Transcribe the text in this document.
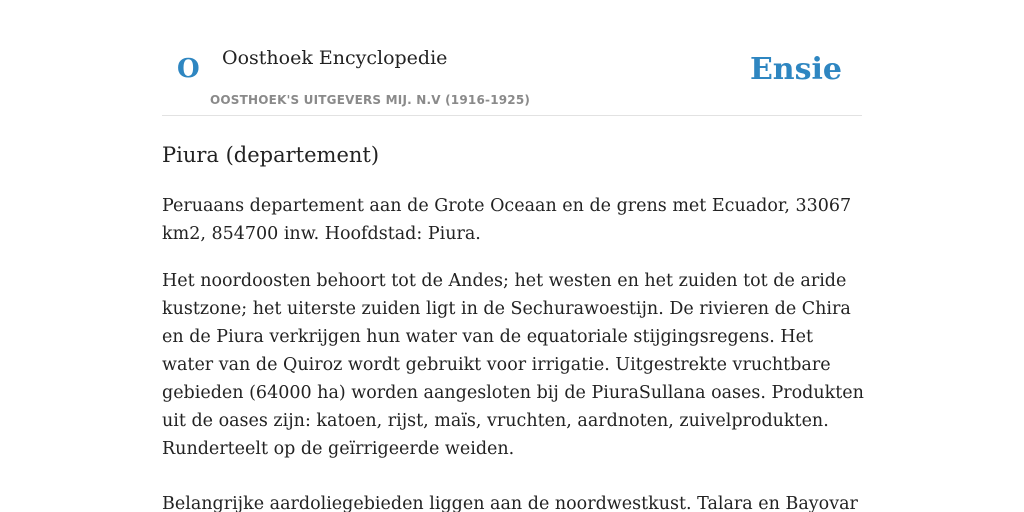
O Oosthoek Encyclopedie
OOSTHOEK'S UITGEVERS MIJ. N.V (1916-1925)
Ensie
Piura (departement)

Peruaans departement aan de Grote Oceaan en de grens met Ecuador, 33067 km2, 854700 inw. Hoofdstad: Piura.

Het noordoosten behoort tot de Andes; het westen en het zuiden tot de aride kustzone; het uiterste zuiden ligt in de Sechurawoestijn. De rivieren de Chira en de Piura verkrijgen hun water van de equatoriale stijgingsregens. Het water van de Quiroz wordt gebruikt voor irrigatie. Uitgestrekte vruchtbare gebieden (64000 ha) worden aangesloten bij de PiuraSullana oases. Produkten uit de oases zijn: katoen, rijst, maïs, vruchten, aardnoten, zuivelprodukten. Runderteelt op de geïrrigeerde weiden.

Belangrijke aardoliegebieden liggen aan de noordwestkust. Talara en Bayovar
